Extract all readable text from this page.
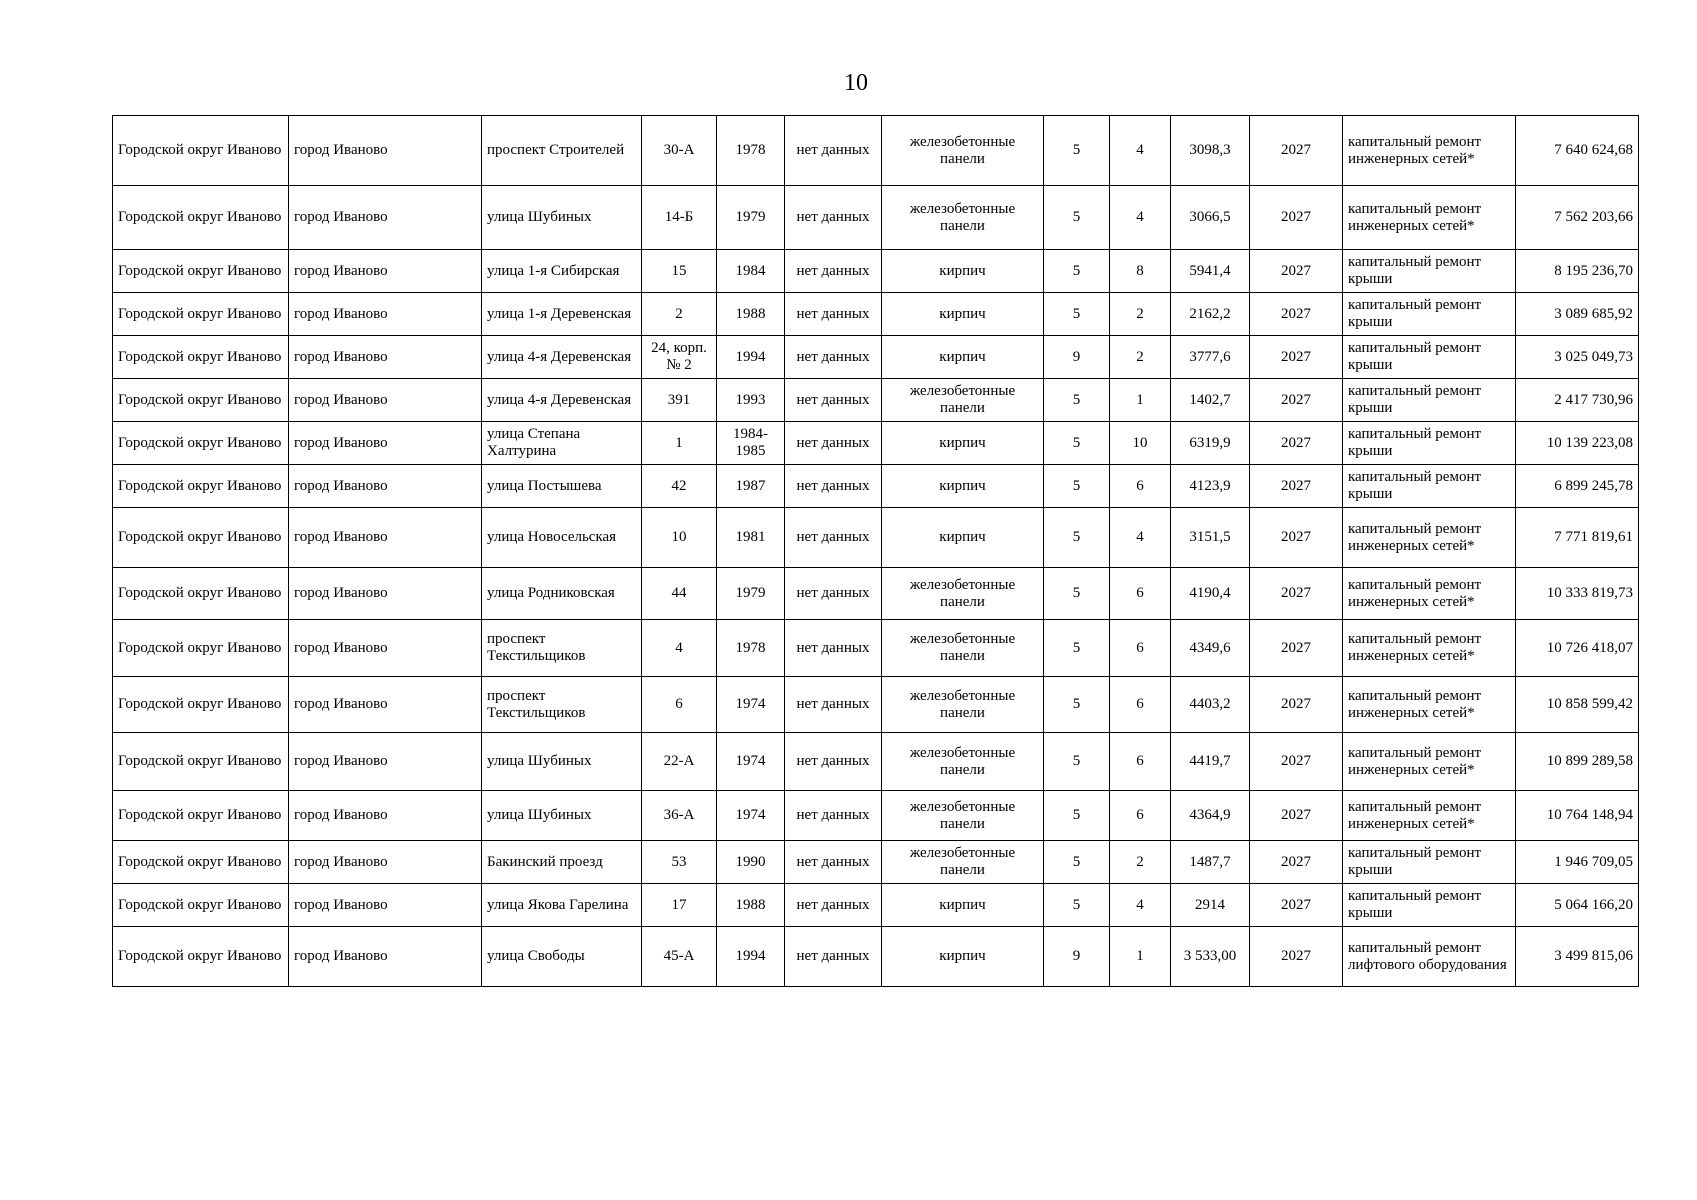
10
Городской округ Иваново	город Иваново	проспект Строителей	30-А	1978	нет данных	железобетонные панели	5	4	3098,3	2027	капитальный ремонт инженерных сетей*	7 640 624,68
Городской округ Иваново	город Иваново	улица Шубиных	14-Б	1979	нет данных	железобетонные панели	5	4	3066,5	2027	капитальный ремонт инженерных сетей*	7 562 203,66
Городской округ Иваново	город Иваново	улица 1-я Сибирская	15	1984	нет данных	кирпич	5	8	5941,4	2027	капитальный ремонт крыши	8 195 236,70
Городской округ Иваново	город Иваново	улица 1-я Деревенская	2	1988	нет данных	кирпич	5	2	2162,2	2027	капитальный ремонт крыши	3 089 685,92
Городской округ Иваново	город Иваново	улица 4-я Деревенская	24, корп. № 2	1994	нет данных	кирпич	9	2	3777,6	2027	капитальный ремонт крыши	3 025 049,73
Городской округ Иваново	город Иваново	улица 4-я Деревенская	391	1993	нет данных	железобетонные панели	5	1	1402,7	2027	капитальный ремонт крыши	2 417 730,96
Городской округ Иваново	город Иваново	улица Степана Халтурина	1	1984-1985	нет данных	кирпич	5	10	6319,9	2027	капитальный ремонт крыши	10 139 223,08
Городской округ Иваново	город Иваново	улица Постышева	42	1987	нет данных	кирпич	5	6	4123,9	2027	капитальный ремонт крыши	6 899 245,78
Городской округ Иваново	город Иваново	улица Новосельская	10	1981	нет данных	кирпич	5	4	3151,5	2027	капитальный ремонт инженерных сетей*	7 771 819,61
Городской округ Иваново	город Иваново	улица Родниковская	44	1979	нет данных	железобетонные панели	5	6	4190,4	2027	капитальный ремонт инженерных сетей*	10 333 819,73
Городской округ Иваново	город Иваново	проспект Текстильщиков	4	1978	нет данных	железобетонные панели	5	6	4349,6	2027	капитальный ремонт инженерных сетей*	10 726 418,07
Городской округ Иваново	город Иваново	проспект Текстильщиков	6	1974	нет данных	железобетонные панели	5	6	4403,2	2027	капитальный ремонт инженерных сетей*	10 858 599,42
Городской округ Иваново	город Иваново	улица Шубиных	22-А	1974	нет данных	железобетонные панели	5	6	4419,7	2027	капитальный ремонт инженерных сетей*	10 899 289,58
Городской округ Иваново	город Иваново	улица Шубиных	36-А	1974	нет данных	железобетонные панели	5	6	4364,9	2027	капитальный ремонт инженерных сетей*	10 764 148,94
Городской округ Иваново	город Иваново	Бакинский проезд	53	1990	нет данных	железобетонные панели	5	2	1487,7	2027	капитальный ремонт крыши	1 946 709,05
Городской округ Иваново	город Иваново	улица Якова Гарелина	17	1988	нет данных	кирпич	5	4	2914	2027	капитальный ремонт крыши	5 064 166,20
Городской округ Иваново	город Иваново	улица Свободы	45-А	1994	нет данных	кирпич	9	1	3 533,00	2027	капитальный ремонт лифтового оборудования	3 499 815,06
